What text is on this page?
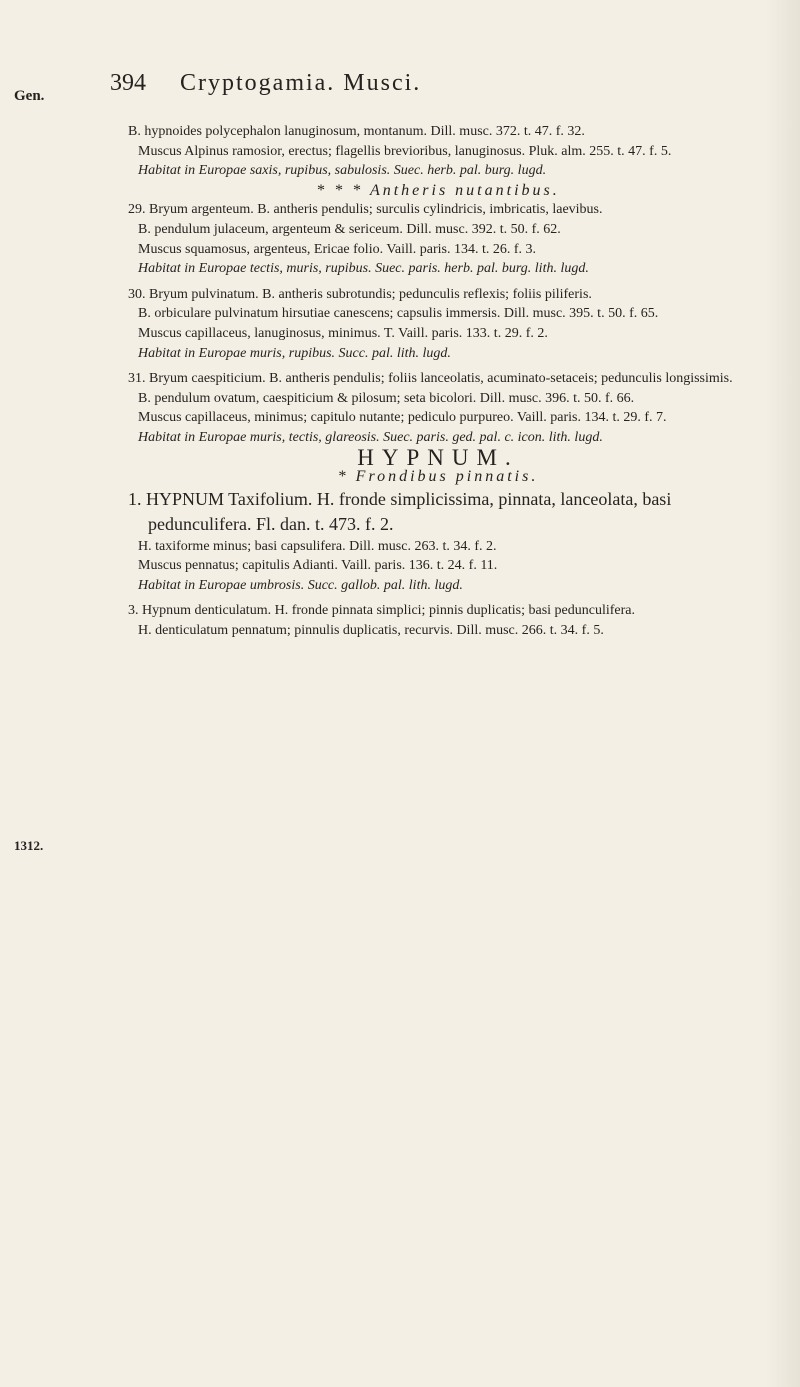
Gen.
1312.
394 Cryptogamia. Musci.

B. hypnoides polycephalon lanuginosum, montanum. Dill. musc. 372. t. 47. f. 32.

Muscus Alpinus ramosior, erectus; flagellis brevioribus, lanuginosus. Pluk. alm. 255. t. 47. f. 5.

Habitat in Europae saxis, rupibus, sabulosis. Suec. herb. pal. burg. lugd.

* * * Antheris nutantibus.

29. Bryum argenteum. B. antheris pendulis; surculis cylindricis, imbricatis, laevibus.

B. pendulum julaceum, argenteum & sericeum. Dill. musc. 392. t. 50. f. 62.

Muscus squamosus, argenteus, Ericae folio. Vaill. paris. 134. t. 26. f. 3.

Habitat in Europae tectis, muris, rupibus. Suec. paris. herb. pal. burg. lith. lugd.

30. Bryum pulvinatum. B. antheris subrotundis; pedunculis reflexis; foliis piliferis.

B. orbiculare pulvinatum hirsutiae canescens; capsulis immersis. Dill. musc. 395. t. 50. f. 65.

Muscus capillaceus, lanuginosus, minimus. T. Vaill. paris. 133. t. 29. f. 2.

Habitat in Europae muris, rupibus. Succ. pal. lith. lugd.

31. Bryum caespiticium. B. antheris pendulis; foliis lanceolatis, acuminato-setaceis; pedunculis longissimis.

B. pendulum ovatum, caespiticium & pilosum; seta bicolori. Dill. musc. 396. t. 50. f. 66.

Muscus capillaceus, minimus; capitulo nutante; pediculo purpureo. Vaill. paris. 134. t. 29. f. 7.

Habitat in Europae muris, tectis, glareosis. Suec. paris. ged. pal. c. icon. lith. lugd.

HYPNUM.

* Frondibus pinnatis.

1. HYPNUM Taxifolium. H. fronde simplicissima, pinnata, lanceolata, basi pedunculifera. Fl. dan. t. 473. f. 2.

H. taxiforme minus; basi capsulifera. Dill. musc. 263. t. 34. f. 2.

Muscus pennatus; capitulis Adianti. Vaill. paris. 136. t. 24. f. 11.

Habitat in Europae umbrosis. Succ. gallob. pal. lith. lugd.

3. Hypnum denticulatum. H. fronde pinnata simplici; pinnis duplicatis; basi pedunculifera.

H. denticulatum pennatum; pinnulis duplicatis, recurvis. Dill. musc. 266. t. 34. f. 5.
